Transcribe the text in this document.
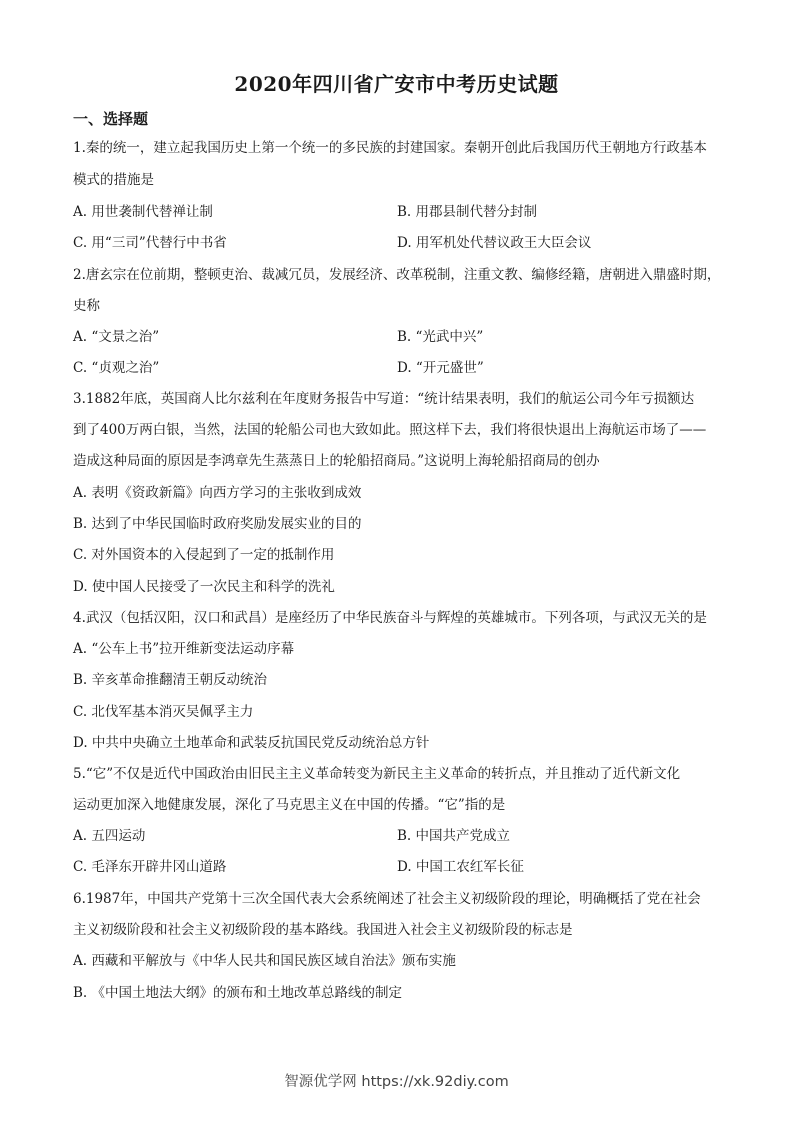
2020年四川省广安市中考历史试题
一、选择题
1.秦的统一，建立起我国历史上第一个统一的多民族的封建国家。秦朝开创此后我国历代王朝地方行政基本
模式的措施是
A. 用世袭制代替禅让制	B. 用郡县制代替分封制
C. 用“三司”代替行中书省	D. 用军机处代替议政王大臣会议
2.唐玄宗在位前期，整顿吏治、裁减冗员，发展经济、改革税制，注重文教、编修经籍，唐朝进入鼎盛时期，
史称
A. “文景之治”	B. “光武中兴”
C. “贞观之治”	D. “开元盛世”
3.1882年底，英国商人比尔兹利在年度财务报告中写道：“统计结果表明，我们的航运公司今年亏损额达
到了400万两白银，当然，法国的轮船公司也大致如此。照这样下去，我们将很快退出上海航运市场了——
造成这种局面的原因是李鸿章先生蒸蒸日上的轮船招商局。”这说明上海轮船招商局的创办
A. 表明《资政新篇》向西方学习的主张收到成效
B. 达到了中华民国临时政府奖励发展实业的目的
C. 对外国资本的入侵起到了一定的抵制作用
D. 使中国人民接受了一次民主和科学的洗礼
4.武汉（包括汉阳，汉口和武昌）是座经历了中华民族奋斗与辉煌的英雄城市。下列各项，与武汉无关的是
A. “公车上书”拉开维新变法运动序幕
B. 辛亥革命推翻清王朝反动统治
C. 北伐军基本消灭吴佩孚主力
D. 中共中央确立土地革命和武装反抗国民党反动统治总方针
5.“它”不仅是近代中国政治由旧民主主义革命转变为新民主主义革命的转折点，并且推动了近代新文化
运动更加深入地健康发展，深化了马克思主义在中国的传播。“它”指的是
A. 五四运动	B. 中国共产党成立
C. 毛泽东开辟井冈山道路	D. 中国工农红军长征
6.1987年，中国共产党第十三次全国代表大会系统阐述了社会主义初级阶段的理论，明确概括了党在社会
主义初级阶段和社会主义初级阶段的基本路线。我国进入社会主义初级阶段的标志是
A. 西藏和平解放与《中华人民共和国民族区域自治法》颁布实施
B. 《中国土地法大纲》的颁布和土地改革总路线的制定
智源优学网 https://xk.92diy.com
